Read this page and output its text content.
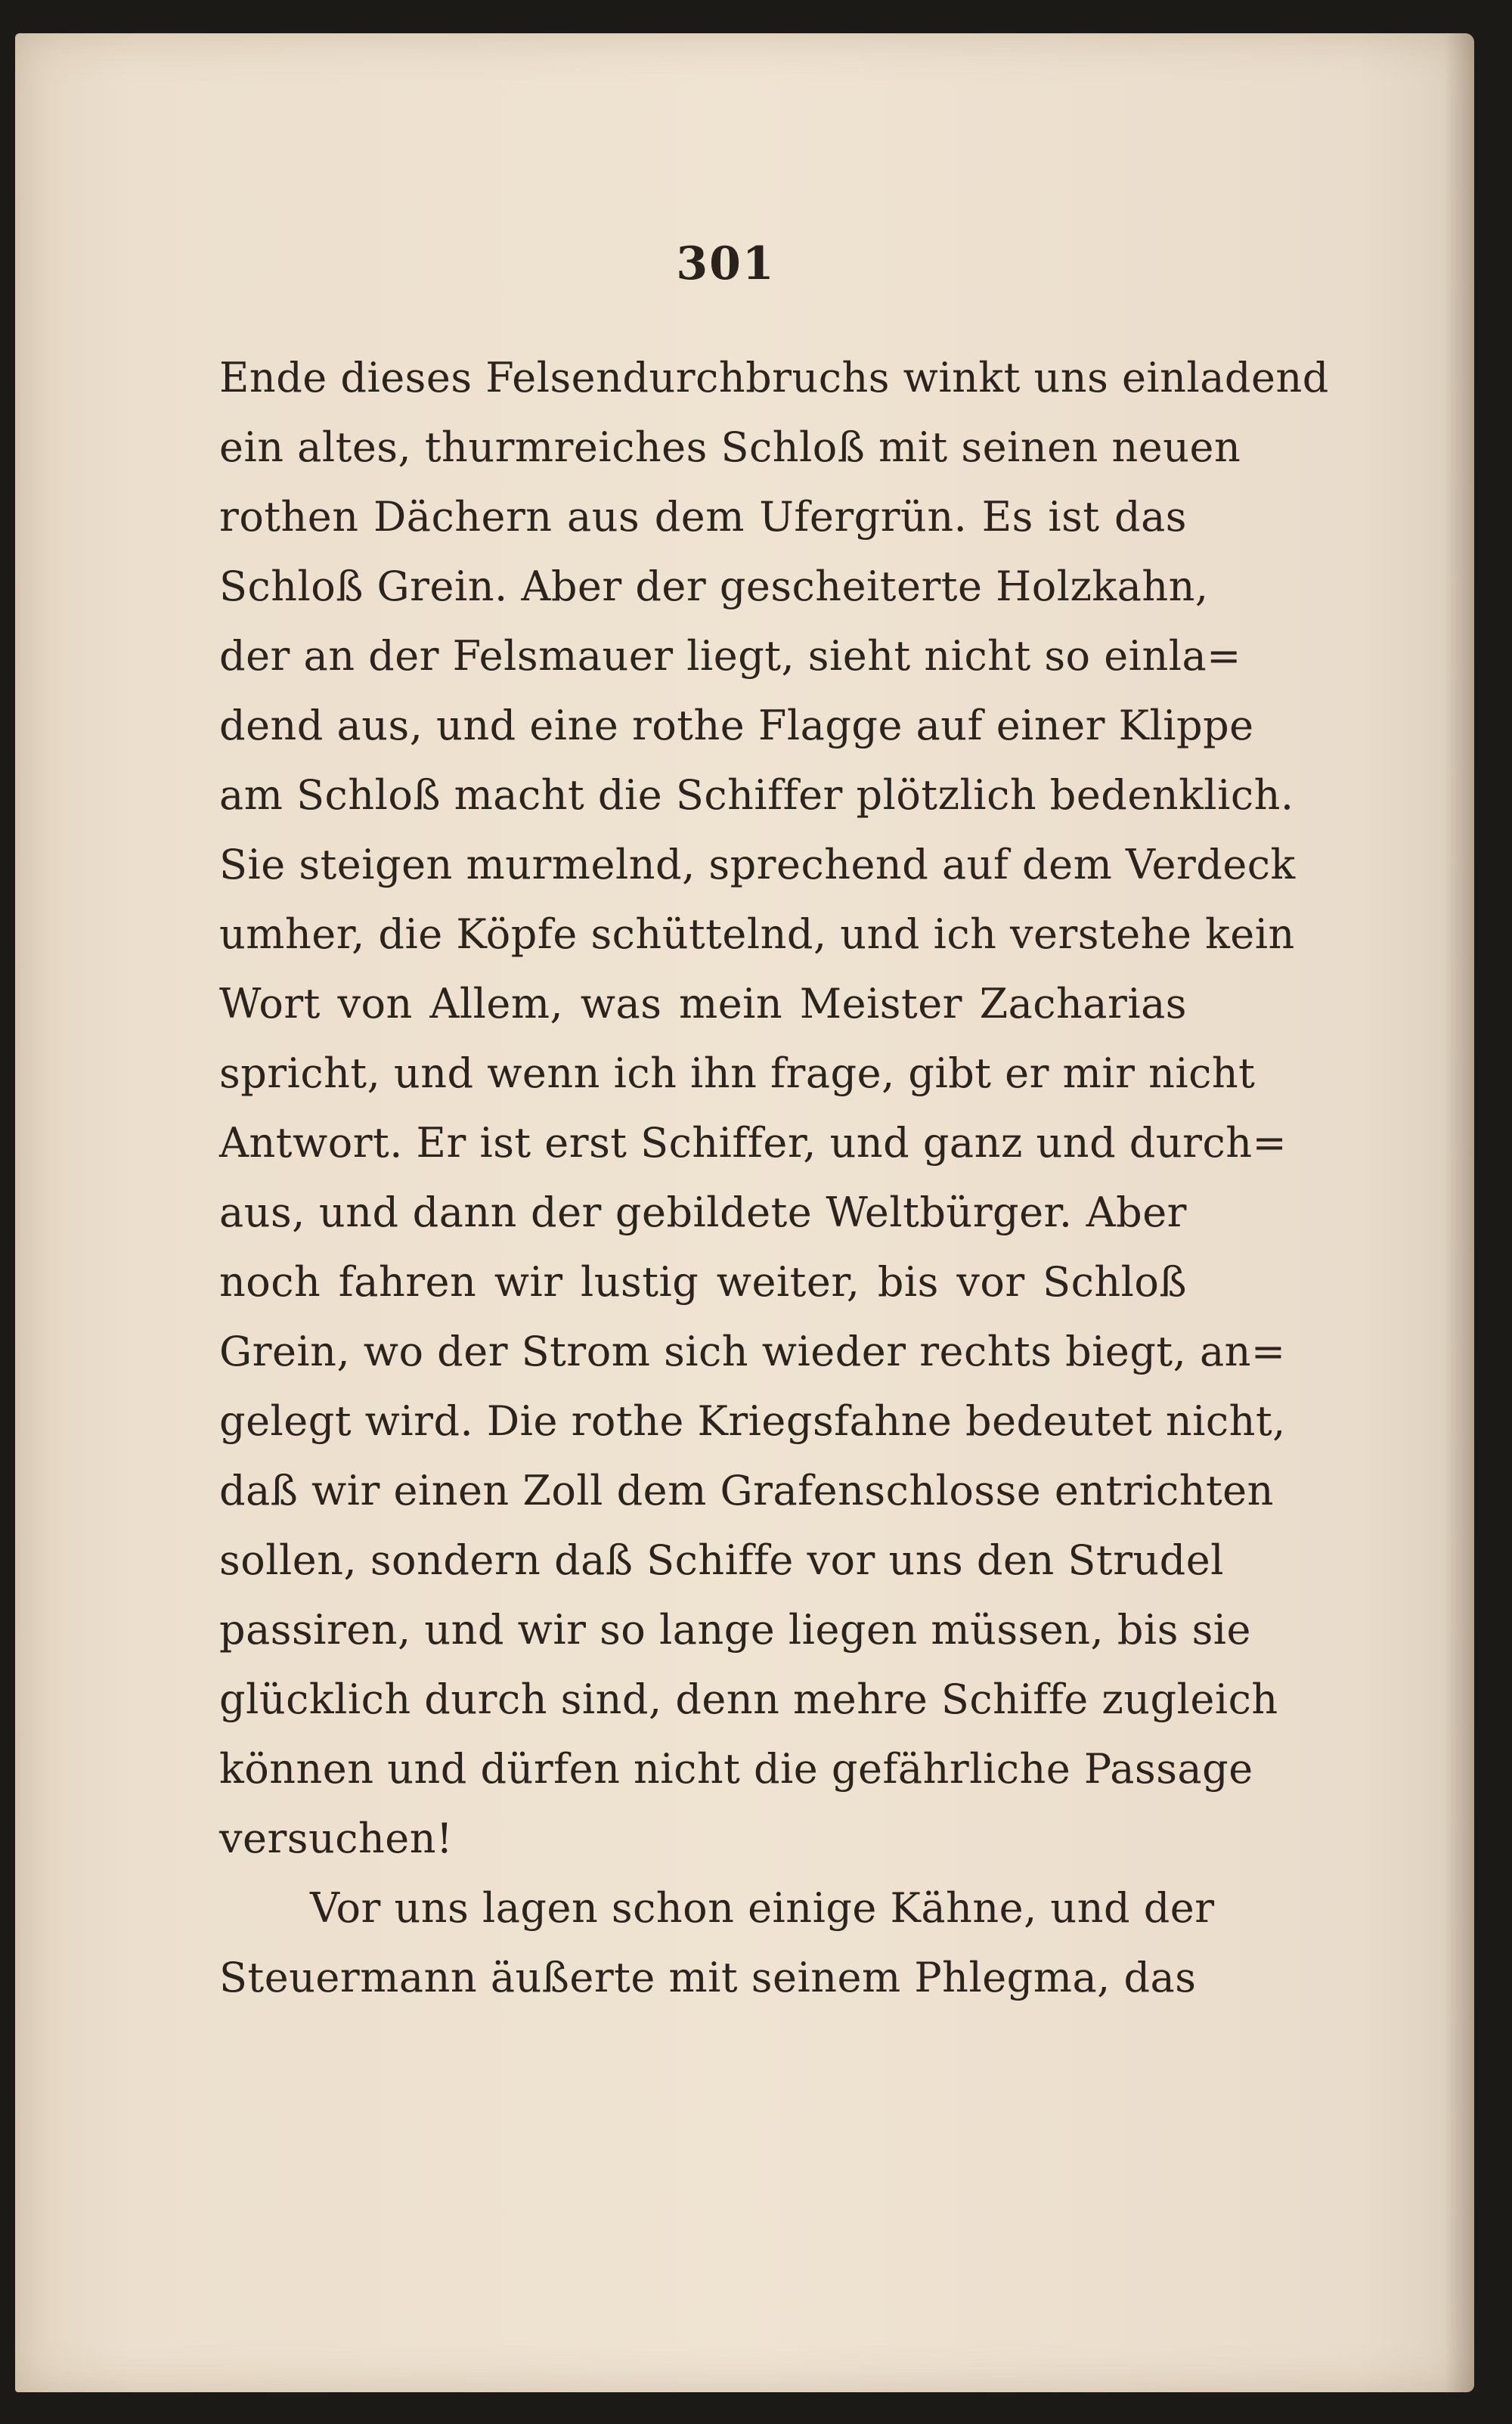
301
Ende dieses Felsendurchbruchs winkt uns einladend
ein altes, thurmreiches Schloß mit seinen neuen
rothen Dächern aus dem Ufergrün. Es ist das
Schloß Grein. Aber der gescheiterte Holzkahn,
der an der Felsmauer liegt, sieht nicht so einla=
dend aus, und eine rothe Flagge auf einer Klippe
am Schloß macht die Schiffer plötzlich bedenklich.
Sie steigen murmelnd, sprechend auf dem Verdeck
umher, die Köpfe schüttelnd, und ich verstehe kein
Wort von Allem, was mein Meister Zacharias
spricht, und wenn ich ihn frage, gibt er mir nicht
Antwort. Er ist erst Schiffer, und ganz und durch=
aus, und dann der gebildete Weltbürger. Aber
noch fahren wir lustig weiter, bis vor Schloß
Grein, wo der Strom sich wieder rechts biegt, an=
gelegt wird. Die rothe Kriegsfahne bedeutet nicht,
daß wir einen Zoll dem Grafenschlosse entrichten
sollen, sondern daß Schiffe vor uns den Strudel
passiren, und wir so lange liegen müssen, bis sie
glücklich durch sind, denn mehre Schiffe zugleich
können und dürfen nicht die gefährliche Passage
versuchen!
Vor uns lagen schon einige Kähne, und der
Steuermann äußerte mit seinem Phlegma, das
